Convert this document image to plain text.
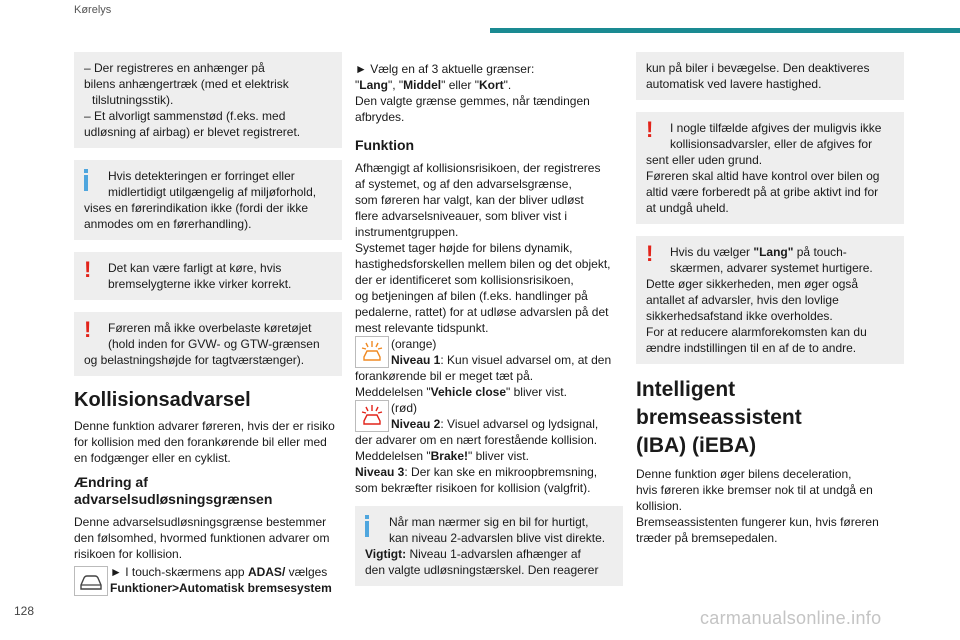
Kørelys
– Der registreres en anhænger på
bilens anhængertræk (med et elektrisk
tilslutningsstik).
– Et alvorligt sammenstød (f.eks. med
udløsning af airbag) er blevet registreret.
Hvis detekteringen er forringet eller
midlertidigt utilgængelig af miljøforhold,
vises en førerindikation ikke (fordi der ikke
anmodes om en førerhandling).
!	Det kan være farligt at køre, hvis
bremselygterne ikke virker korrekt.
!	Føreren må ikke overbelaste køretøjet
(hold inden for GVW- og GTW-grænsen
og belastningshøjde for tagtværstænger).
Kollisionsadvarsel

Denne funktion advarer føreren, hvis der er risiko
for kollision med den forankørende bil eller med
en fodgænger eller en cyklist.

Ændring af
advarselsudløsningsgrænsen

Denne advarselsudløsningsgrænse bestemmer
den følsomhed, hvormed funktionen advarer om
risikoen for kollision.

► I touch-skærmens app ADAS/ vælges
Funktioner>Automatisk bremsesystem

► Vælg en af 3 aktuelle grænser:
"Lang", "Middel" eller "Kort".
Den valgte grænse gemmes, når tændingen
afbrydes.

Funktion

Afhængigt af kollisionsrisikoen, der registreres
af systemet, og af den advarselsgrænse,
som føreren har valgt, kan der bliver udløst
flere advarselsniveauer, som bliver vist i
instrumentgruppen.
Systemet tager højde for bilens dynamik,
hastighedsforskellen mellem bilen og det objekt,
der er identificeret som kollisionsrisikoen,
og betjeningen af bilen (f.eks. handlinger på
pedalerne, rattet) for at udløse advarslen på det
mest relevante tidspunkt.

(orange)
Niveau 1: Kun visuel advarsel om, at den

forankørende bil er meget tæt på.
Meddelelsen "Vehicle close" bliver vist.

(rød)
Niveau 2: Visuel advarsel og lydsignal,

der advarer om en nært forestående kollision.
Meddelelsen "Brake!" bliver vist.
Niveau 3: Der kan ske en mikroopbremsning,
som bekræfter risikoen for kollision (valgfrit).

Når man nærmer sig en bil for hurtigt,
kan niveau 2-advarslen blive vist direkte.
Vigtigt: Niveau 1-advarslen afhænger af
den valgte udløsningstærskel. Den reagerer
kun på biler i bevægelse. Den deaktiveres
automatisk ved lavere hastighed.
!	I nogle tilfælde afgives der muligvis ikke
kollisionsadvarsler, eller de afgives for
sent eller uden grund.
Føreren skal altid have kontrol over bilen og
altid være forberedt på at gribe aktivt ind for
at undgå uheld.
!	Hvis du vælger "Lang" på touch-
skærmen, advarer systemet hurtigere.
Dette øger sikkerheden, men øger også
antallet af advarsler, hvis den lovlige
sikkerhedsafstand ikke overholdes.
For at reducere alarmforekomsten kan du
ændre indstillingen til en af de to andre.
Intelligent bremseassistent
(IBA) (iEBA)

Denne funktion øger bilens deceleration,
hvis føreren ikke bremser nok til at undgå en
kollision.
Bremseassistenten fungerer kun, hvis føreren
træder på bremsepedalen.

128	carmanualsonline.info
